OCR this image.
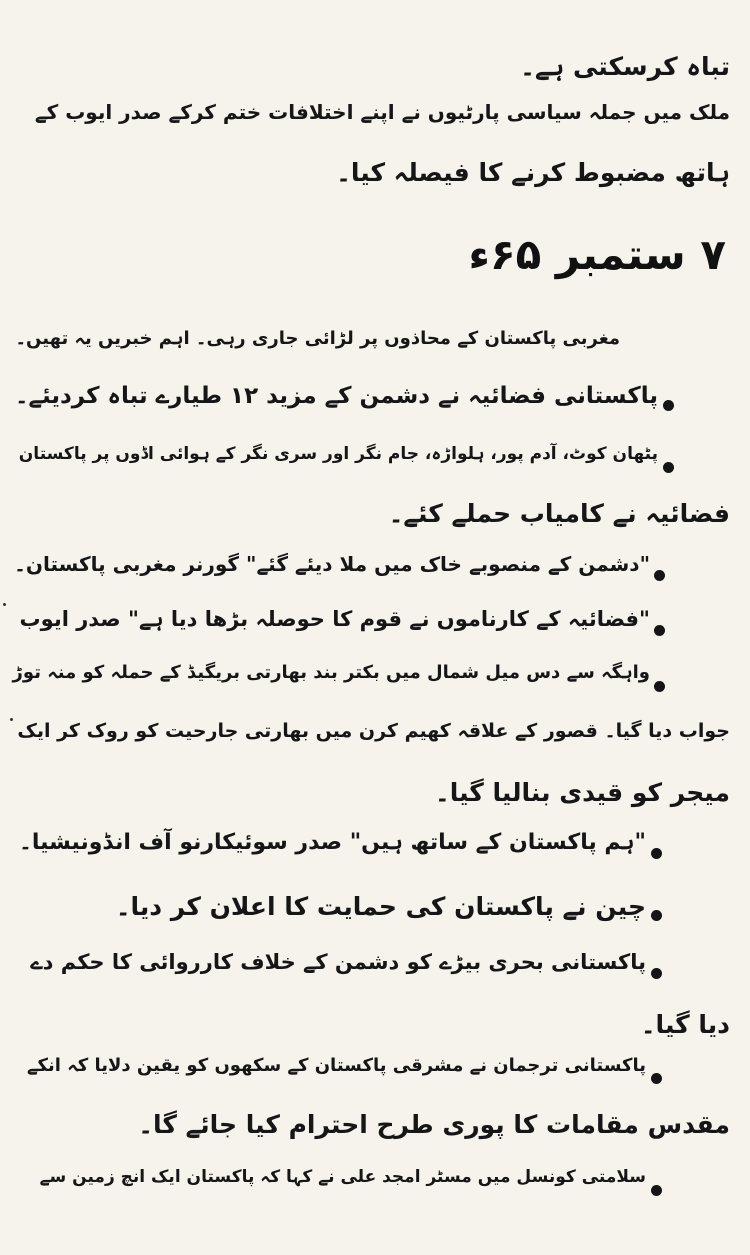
تباہ کرسکتی ہے۔
ملک میں جملہ سیاسی پارٹیوں نے اپنے اختلافات ختم کرکے صدر ایوب کے
ہاتھ مضبوط کرنے کا فیصلہ کیا۔
۷ ستمبر ۶۵ء
مغربی پاکستان کے محاذوں پر لڑائی جاری رہی۔ اہم خبریں یہ تھیں۔
پاکستانی فضائیہ نے دشمن کے مزید ۱۲ طیارے تباہ کردیئے۔
پٹھان کوٹ، آدم پور، ہلواڑہ، جام نگر اور سری نگر کے ہوائی اڈوں پر پاکستان
فضائیہ نے کامیاب حملے کئے۔
"دشمن کے منصوبے خاک میں ملا دیئے گئے" گورنر مغربی پاکستان۔
"فضائیہ کے کارناموں نے قوم کا حوصلہ بڑھا دیا ہے" صدر ایوب
واہگہ سے دس میل شمال میں بکتر بند بھارتی بریگیڈ کے حملہ کو منہ توڑ
جواب دیا گیا۔ قصور کے علاقہ کھیم کرن میں بھارتی جارحیت کو روک کر ایک
میجر کو قیدی بنالیا گیا۔
"ہم پاکستان کے ساتھ ہیں" صدر سوئیکارنو آف انڈونیشیا۔
چین نے پاکستان کی حمایت کا اعلان کر دیا۔
پاکستانی بحری بیڑے کو دشمن کے خلاف کارروائی کا حکم دے
دیا گیا۔
پاکستانی ترجمان نے مشرقی پاکستان کے سکھوں کو یقین دلایا کہ انکے
مقدس مقامات کا پوری طرح احترام کیا جائے گا۔
سلامتی کونسل میں مسٹر امجد علی نے کہا کہ پاکستان ایک انچ زمین سے
